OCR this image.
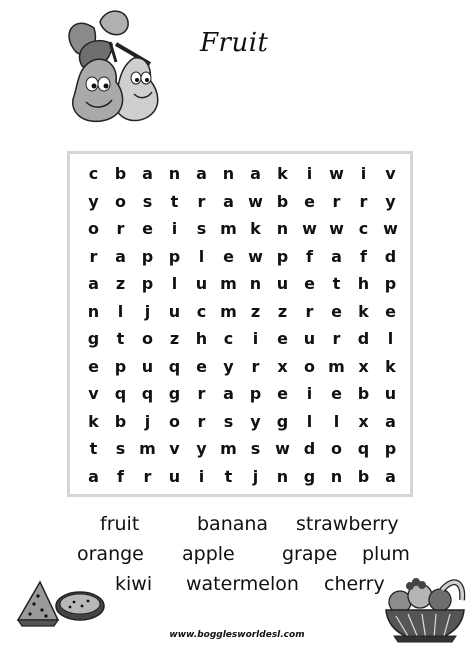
Fruit
c	b a n a n a	k	i	w	i	v
y	o	s	t	r	a w b e	r	r	y
o	r	e	i	s m k n w w c w
r	a p p	l	e w p	f	a	f	d
a	z	p	l	u m n u e	t	h p
n	l	j	u	c m z	z	r	e	k	e
g	t	o	z	h	c	i	e u	r	d	l
e p u q e	y	r	x	o m x	k
v	q q g	r	a p e	i	e b u
k b	j	o	r	s	y	g	l	l	x	a
t	s m v	y m s w d o q p
a	f	r	u	i	t	j	n g n b a
fruit	banana strawberry
orange apple grape plum
kiwi watermelon cherry
www.bogglesworldesl.com
